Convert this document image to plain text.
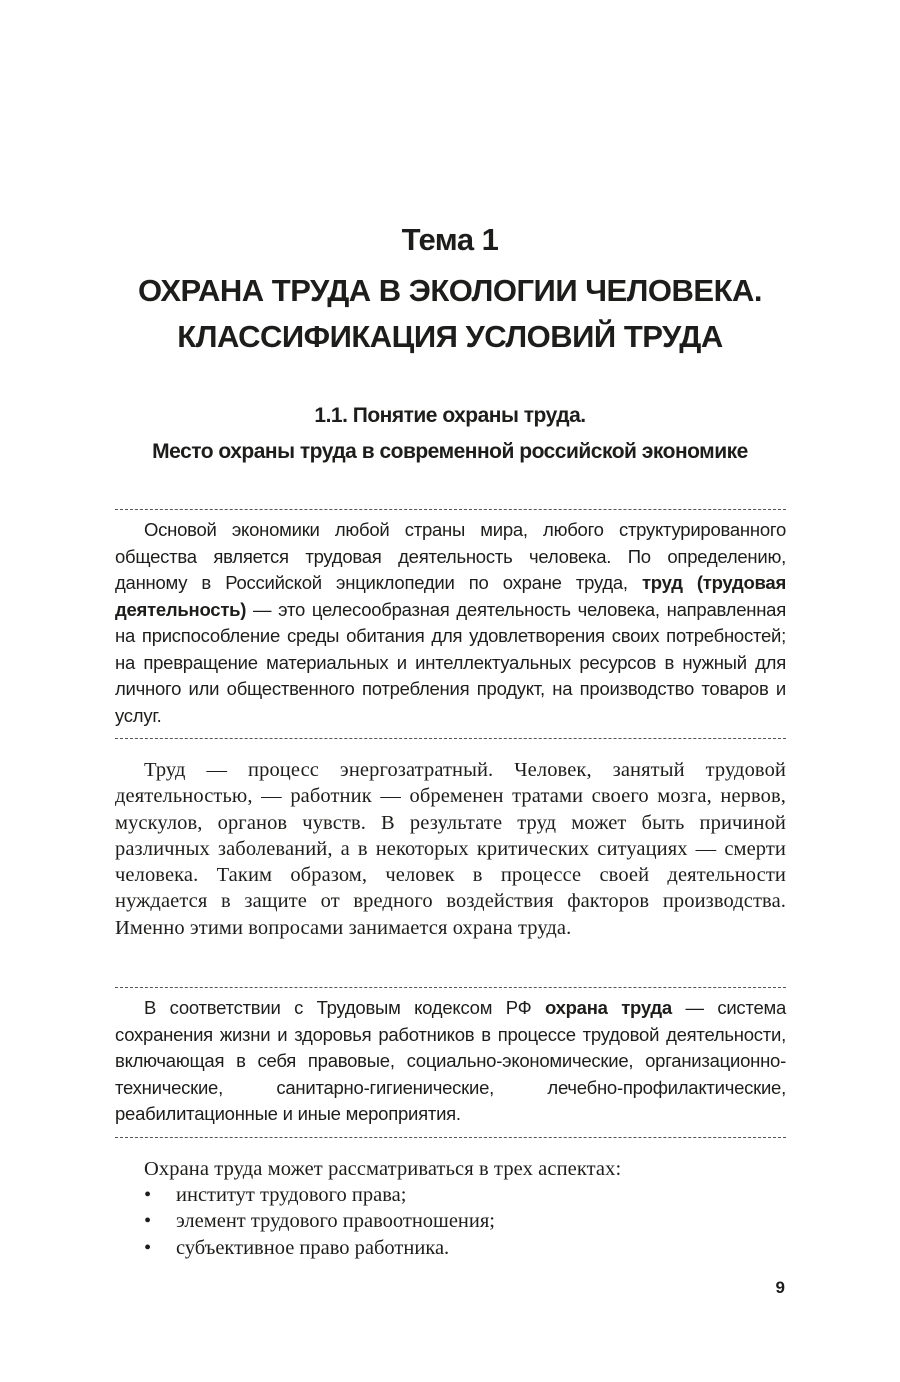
Тема 1
ОХРАНА ТРУДА В ЭКОЛОГИИ ЧЕЛОВЕКА.
КЛАССИФИКАЦИЯ УСЛОВИЙ ТРУДА
1.1. Понятие охраны труда.
Место охраны труда в современной российской экономике

Основой экономики любой страны мира, любого структурированного общества является трудовая деятельность человека. По определению, данному в Российской энциклопедии по охране труда, труд (трудовая деятельность) — это целесообразная деятельность человека, направленная на приспособление среды обитания для удовлетворения своих потребностей; на превращение материальных и интеллектуальных ресурсов в нужный для личного или общественного потребления продукт, на производство товаров и услуг.

Труд — процесс энергозатратный. Человек, занятый трудовой деятельностью, — работник — обременен тратами своего мозга, нервов, мускулов, органов чувств. В результате труд может быть причиной различных заболеваний, а в некоторых критических ситуациях — смерти человека. Таким образом, человек в процессе своей деятельности нуждается в защите от вредного воздействия факторов производства. Именно этими вопросами занимается охрана труда.

В соответствии с Трудовым кодексом РФ охрана труда — система сохранения жизни и здоровья работников в процессе трудовой деятельности, включающая в себя правовые, социально-экономические, организационно-технические, санитарно-гигиенические, лечебно-профилактические, реабилитационные и иные мероприятия.

Охрана труда может рассматриваться в трех аспектах:

• институт трудового права;
• элемент трудового правоотношения;
• субъективное право работника.
9
